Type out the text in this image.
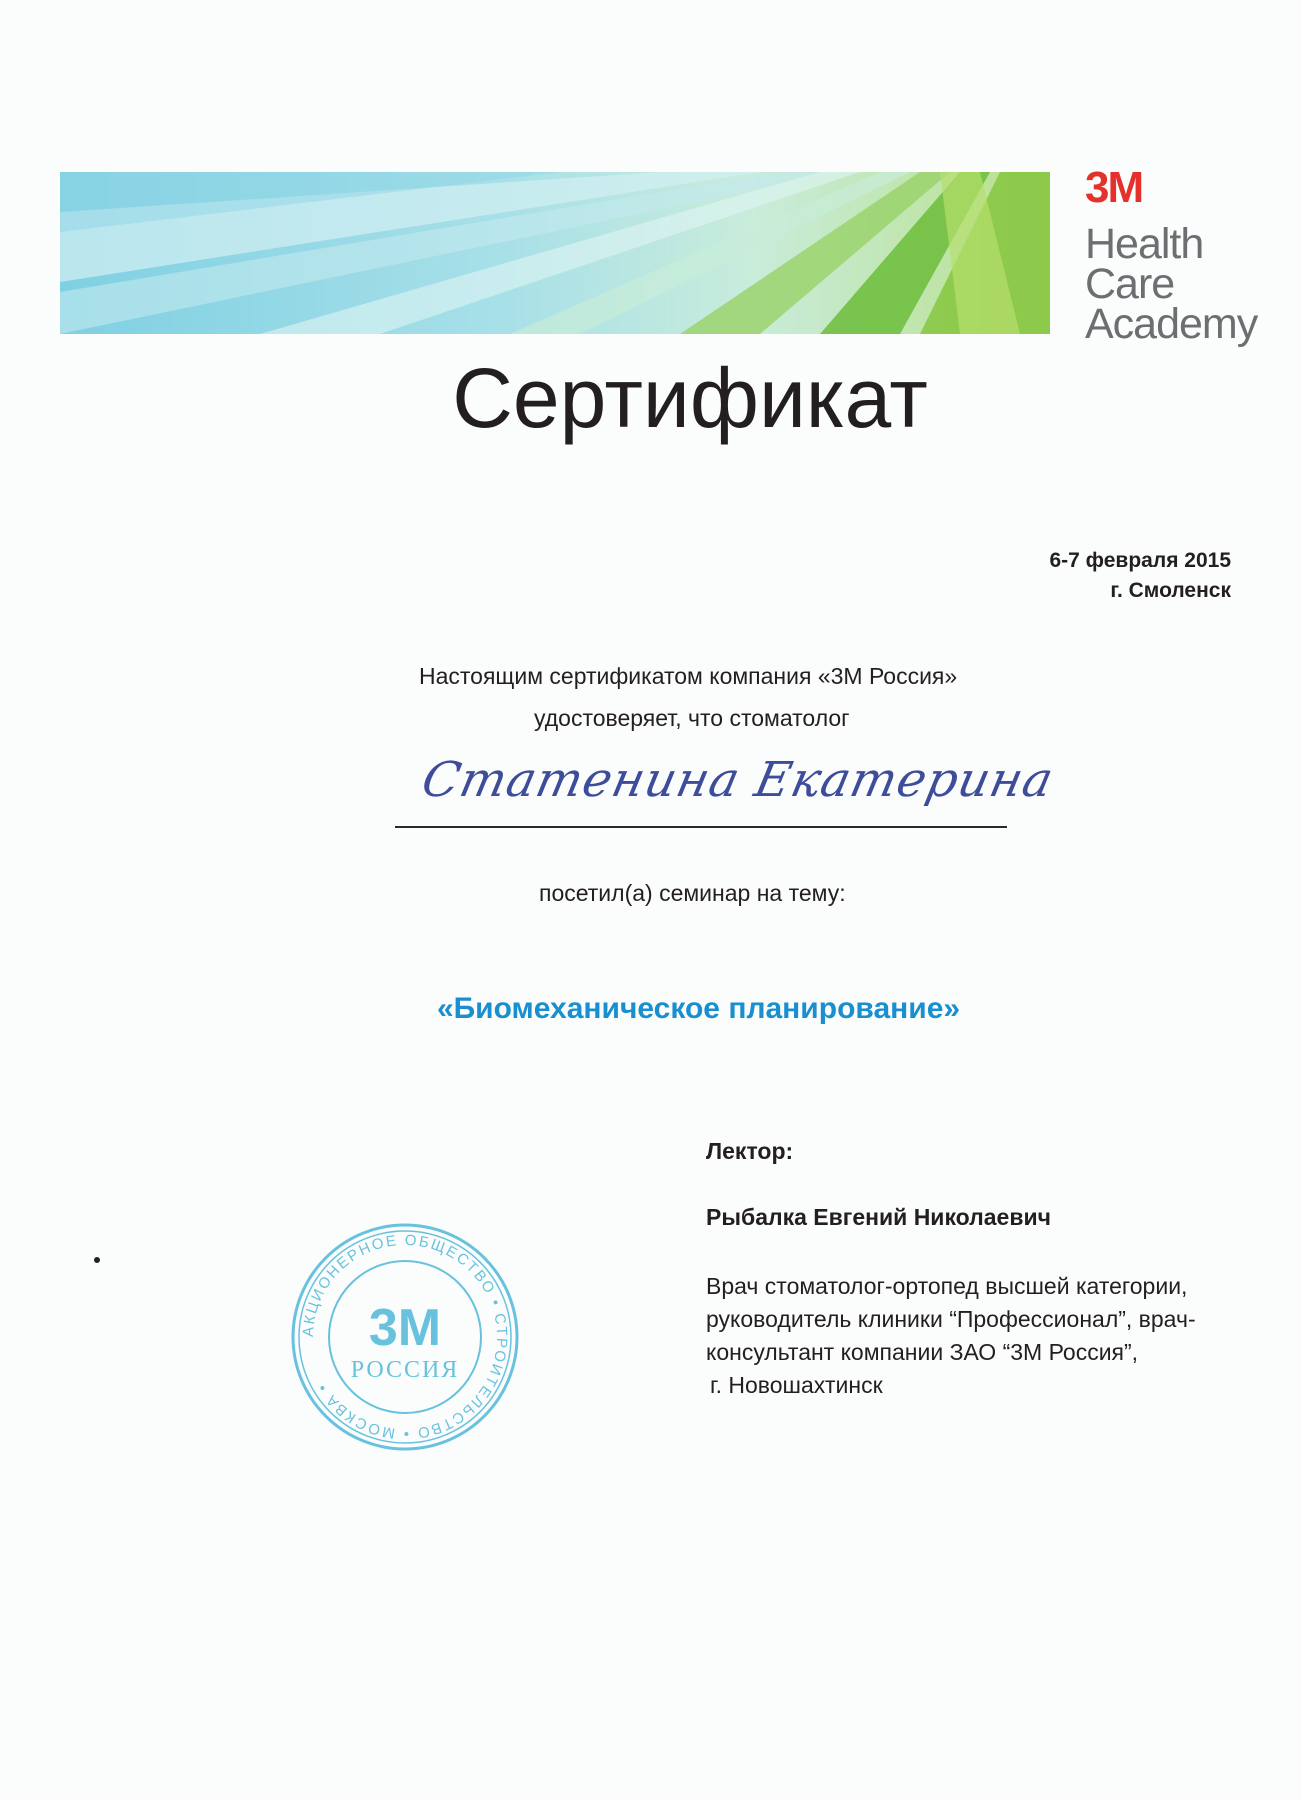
3M
Health
Care
Academy
Сертификат
6-7 февраля 2015
г. Смоленск
Настоящим сертификатом компания «3М Россия»
удостоверяет, что стоматолог
Статенина Екатерина
посетил(а) семинар на тему:
«Биомеханическое планирование»
Лектор:
Рыбалка Евгений Николаевич
Врач стоматолог-ортопед высшей категории,
руководитель клиники “Профессионал”, врач-
консультант компании ЗАО “3М Россия”,
г. Новошахтинск
АКЦИОНЕРНОЕ ОБЩЕСТВО • СТРОИТЕЛЬСТВО • МОСКВА •
3M
РОССИЯ
